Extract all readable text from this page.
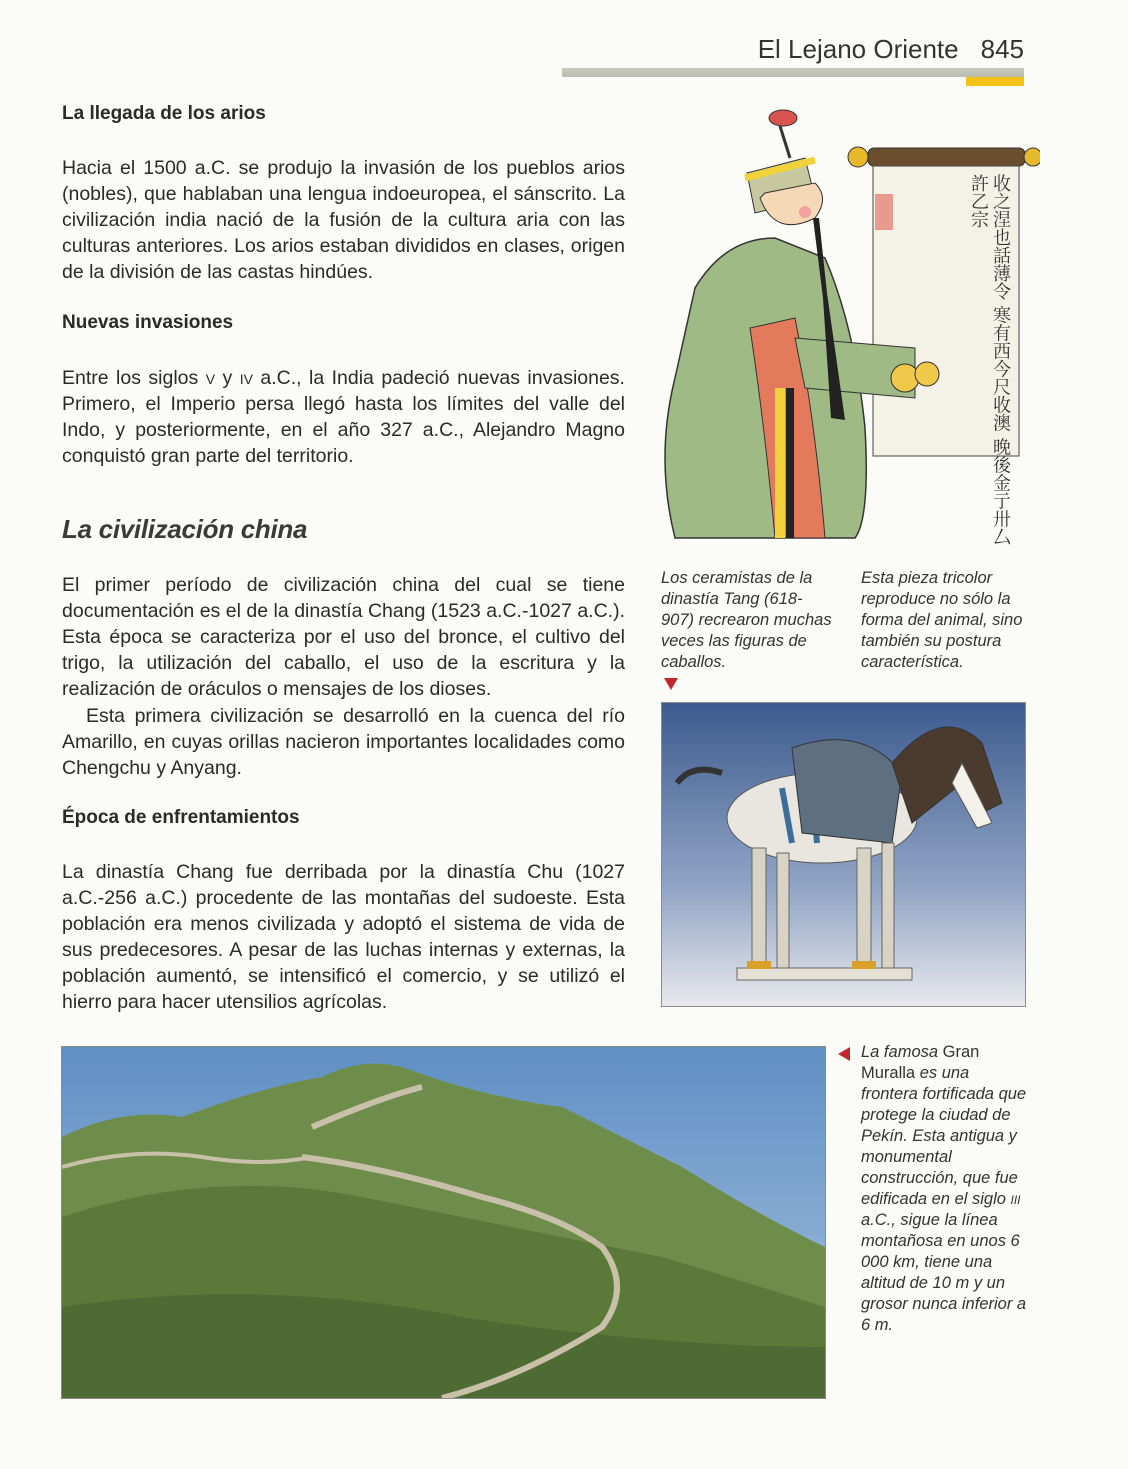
El Lejano Oriente 845
La llegada de los arios
Hacia el 1500 a.C. se produjo la invasión de los pueblos arios (nobles), que hablaban una lengua indoeuropea, el sánscrito. La civilización india nació de la fusión de la cultura aria con las culturas anteriores. Los arios estaban divididos en clases, origen de la división de las castas hindúes.
Nuevas invasiones
Entre los siglos v y iv a.C., la India padeció nuevas invasiones. Primero, el Imperio persa llegó hasta los límites del valle del Indo, y posteriormente, en el año 327 a.C., Alejandro Magno conquistó gran parte del territorio.
La civilización china
El primer período de civilización china del cual se tiene documentación es el de la dinastía Chang (1523 a.C.-1027 a.C.). Esta época se caracteriza por el uso del bronce, el cultivo del trigo, la utilización del caballo, el uso de la escritura y la realización de oráculos o mensajes de los dioses.
Esta primera civilización se desarrolló en la cuenca del río Amarillo, en cuyas orillas nacieron importantes localidades como Chengchu y Anyang.
Época de enfrentamientos
La dinastía Chang fue derribada por la dinastía Chu (1027 a.C.-256 a.C.) procedente de las montañas del sudoeste. Esta población era menos civilizada y adoptó el sistema de vida de sus predecesores. A pesar de las luchas internas y externas, la población aumentó, se intensificó el comercio, y se utilizó el hierro para hacer utensilios agrícolas.
收之涅也話薄令 寒有西今尺收澳 晚後金亍卅厶 許乙宗
Los ceramistas de la dinastía Tang (618-907) recrearon muchas veces las figuras de caballos.
Esta pieza tricolor reproduce no sólo la forma del animal, sino también su postura característica.
La famosa Gran Muralla es una frontera fortificada que protege la ciudad de Pekín. Esta antigua y monumental construcción, que fue edificada en el siglo iii a.C., sigue la línea montañosa en unos 6 000 km, tiene una altitud de 10 m y un grosor nunca inferior a 6 m.
